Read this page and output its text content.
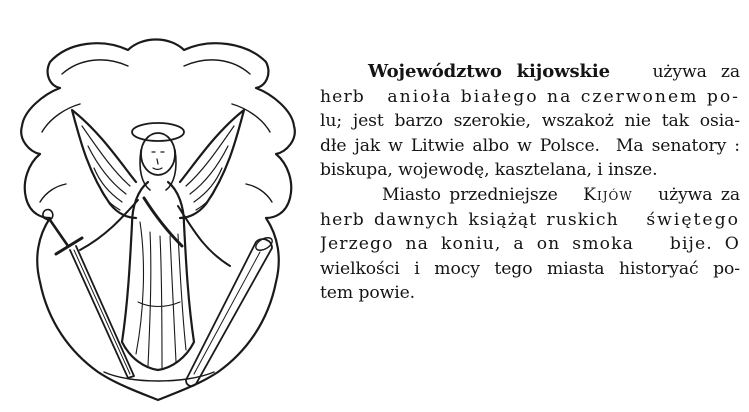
Województwo kijowskie używa za
herb anioła białego na czerwonem po-
lu; jest barzo szerokie, wszakoż nie tak osia-
dłe jak w Litwie albo w Polsce.  Ma senatory :
biskupa, wojewodę, kasztelana, i insze.
Miasto przedniejsze Kijów używa za
herb dawnych książąt ruskich świętego
Jerzego na koniu, a on smoka bije. O
wielkości i mocy tego miasta historyać po-
tem powie.
